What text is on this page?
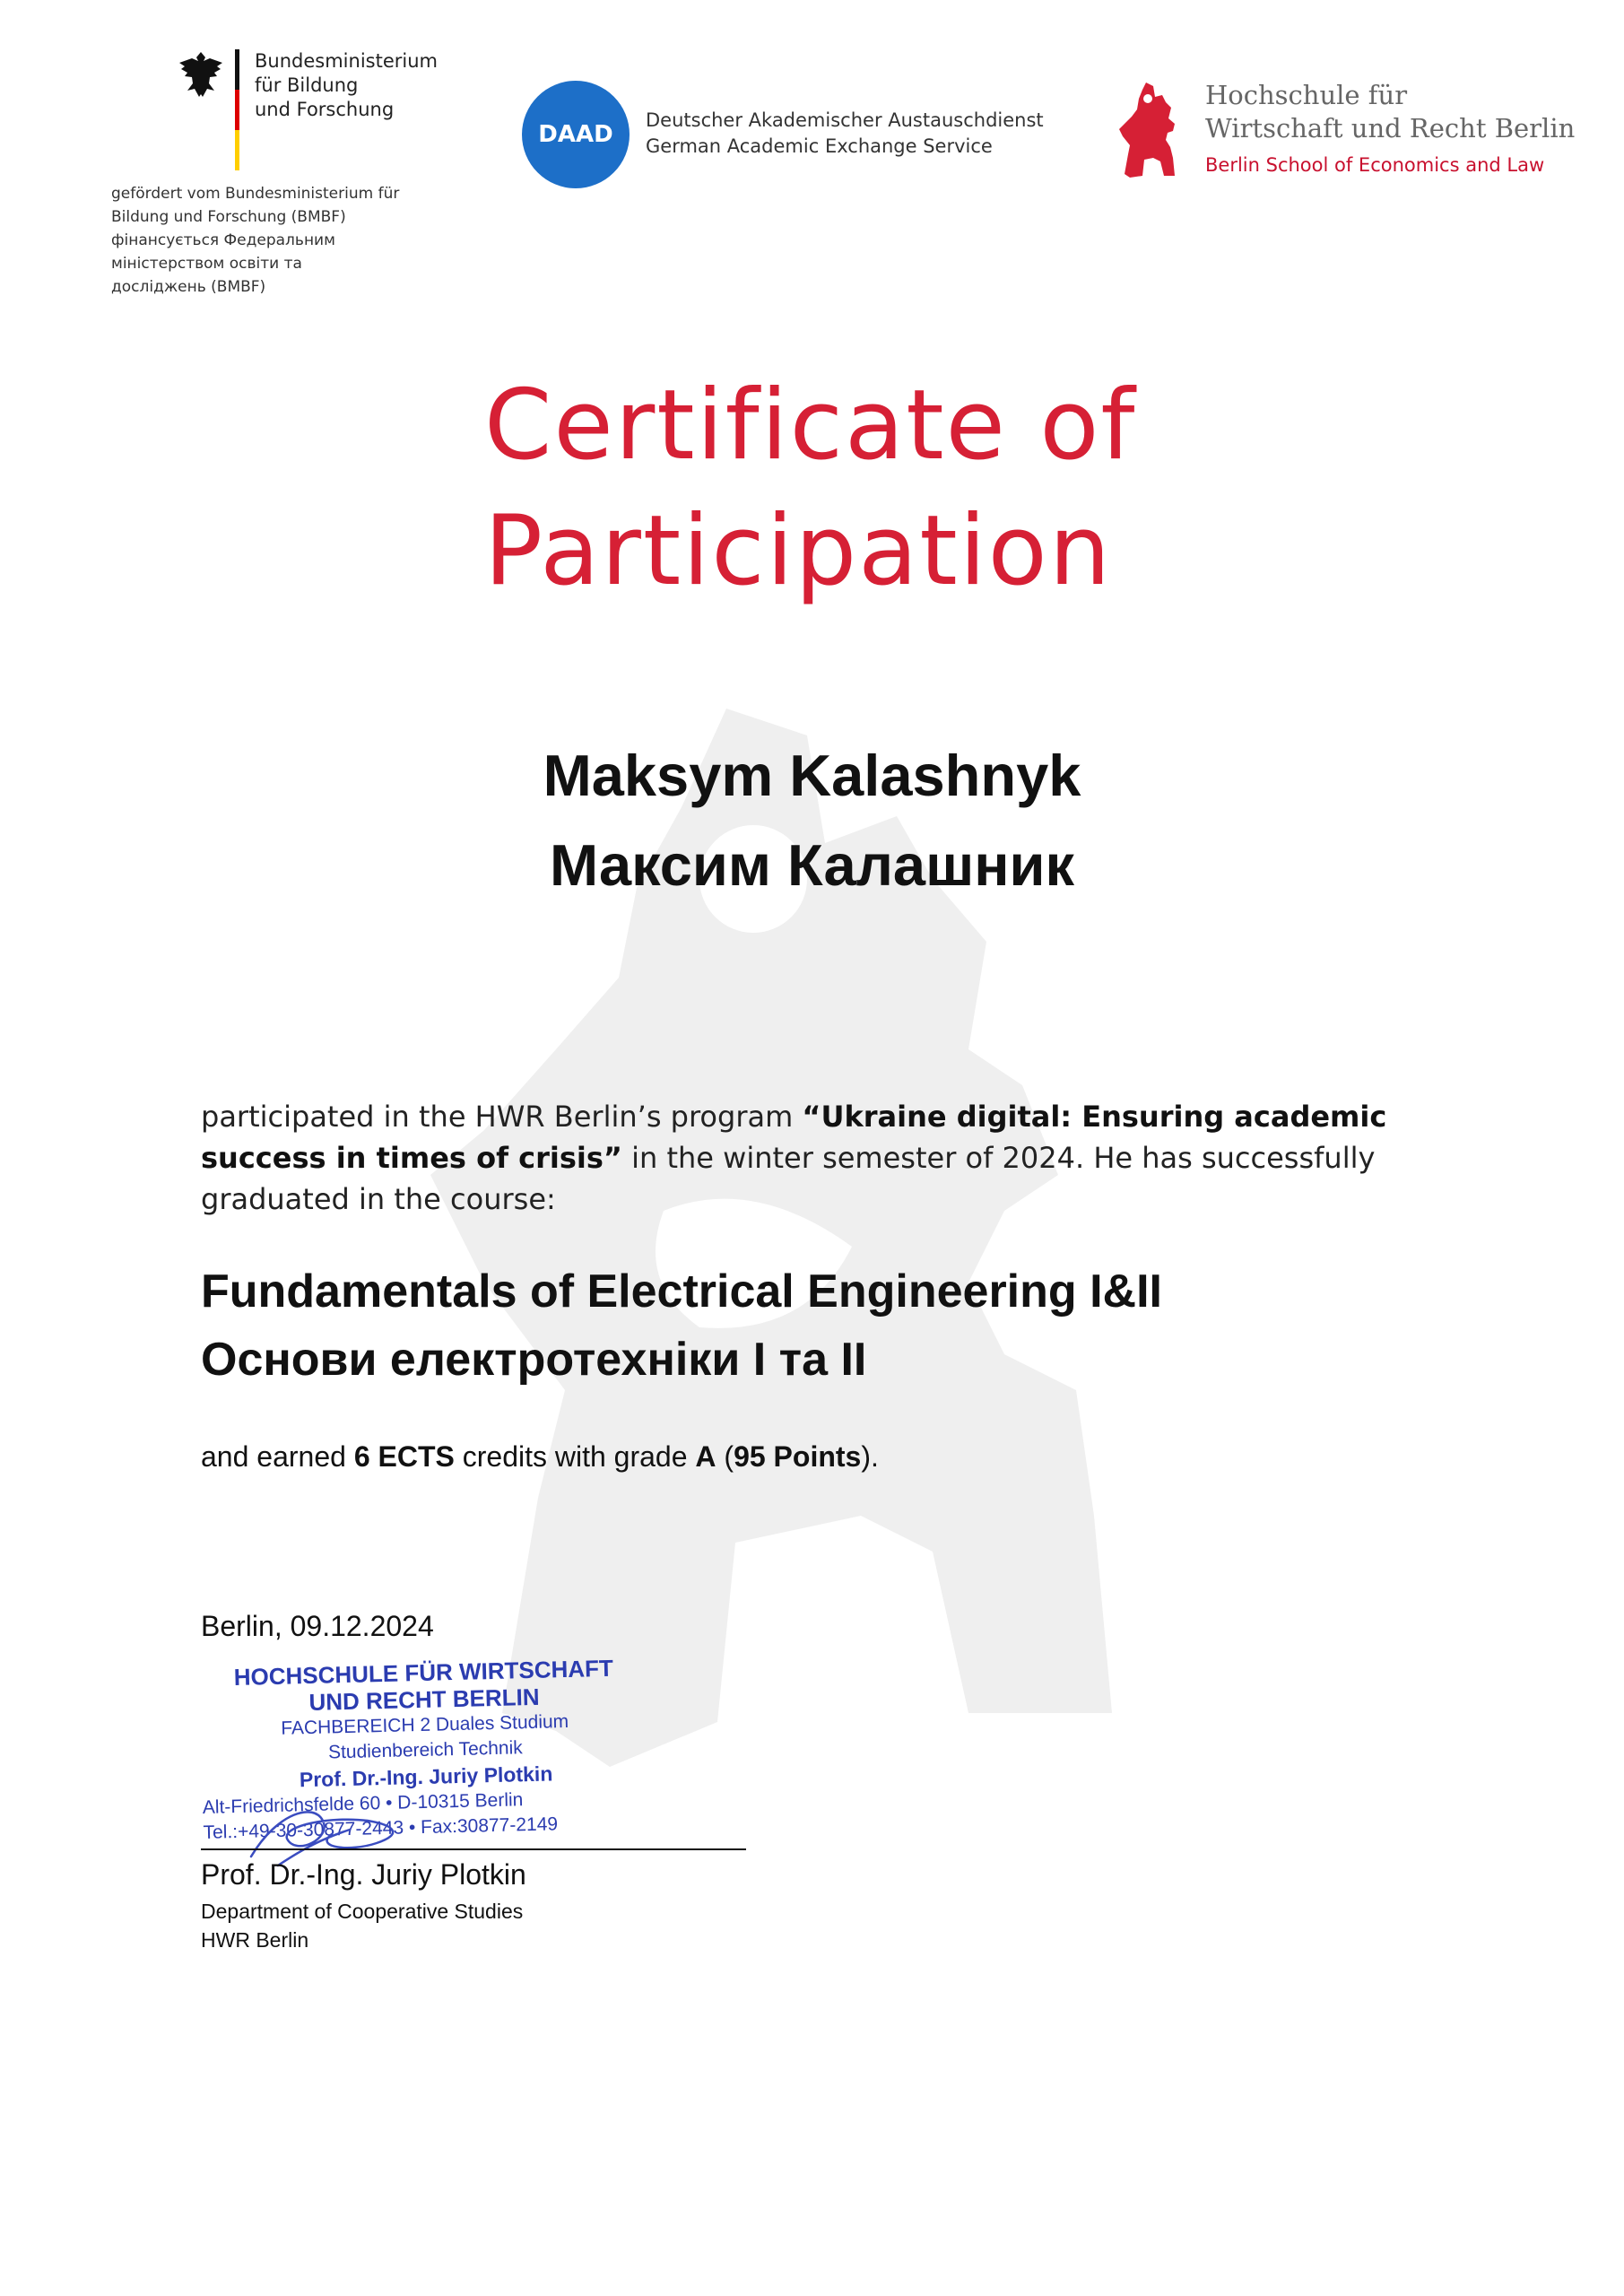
Bundesministerium
für Bildung
und Forschung
gefördert vom Bundesministerium für
Bildung und Forschung (BMBF)
фінансується Федеральним
міністерством освіти та
досліджень (BMBF)
DAAD
Deutscher Akademischer Austauschdienst
German Academic Exchange Service
Hochschule für
Wirtschaft und Recht Berlin
Berlin School of Economics and Law
Certificate of
Participation
Maksym Kalashnyk
Максим Калашник
participated in the HWR Berlin’s program “Ukraine digital: Ensuring academic success in times of crisis” in the winter semester of 2024. He has successfully graduated in the course:
Fundamentals of Electrical Engineering I&II
Основи електротехніки I та II
and earned 6 ECTS credits with grade A (95 Points).
Berlin, 09.12.2024
HOCHSCHULE FÜR WIRTSCHAFT
UND RECHT BERLIN
FACHBEREICH 2 Duales Studium
Studienbereich Technik
Prof. Dr.-Ing. Juriy Plotkin
Alt-Friedrichsfelde 60 • D-10315 Berlin
Tel.:+49-30-30877-2443 • Fax:30877-2149
Prof. Dr.-Ing. Juriy Plotkin
Department of Cooperative Studies
HWR Berlin
